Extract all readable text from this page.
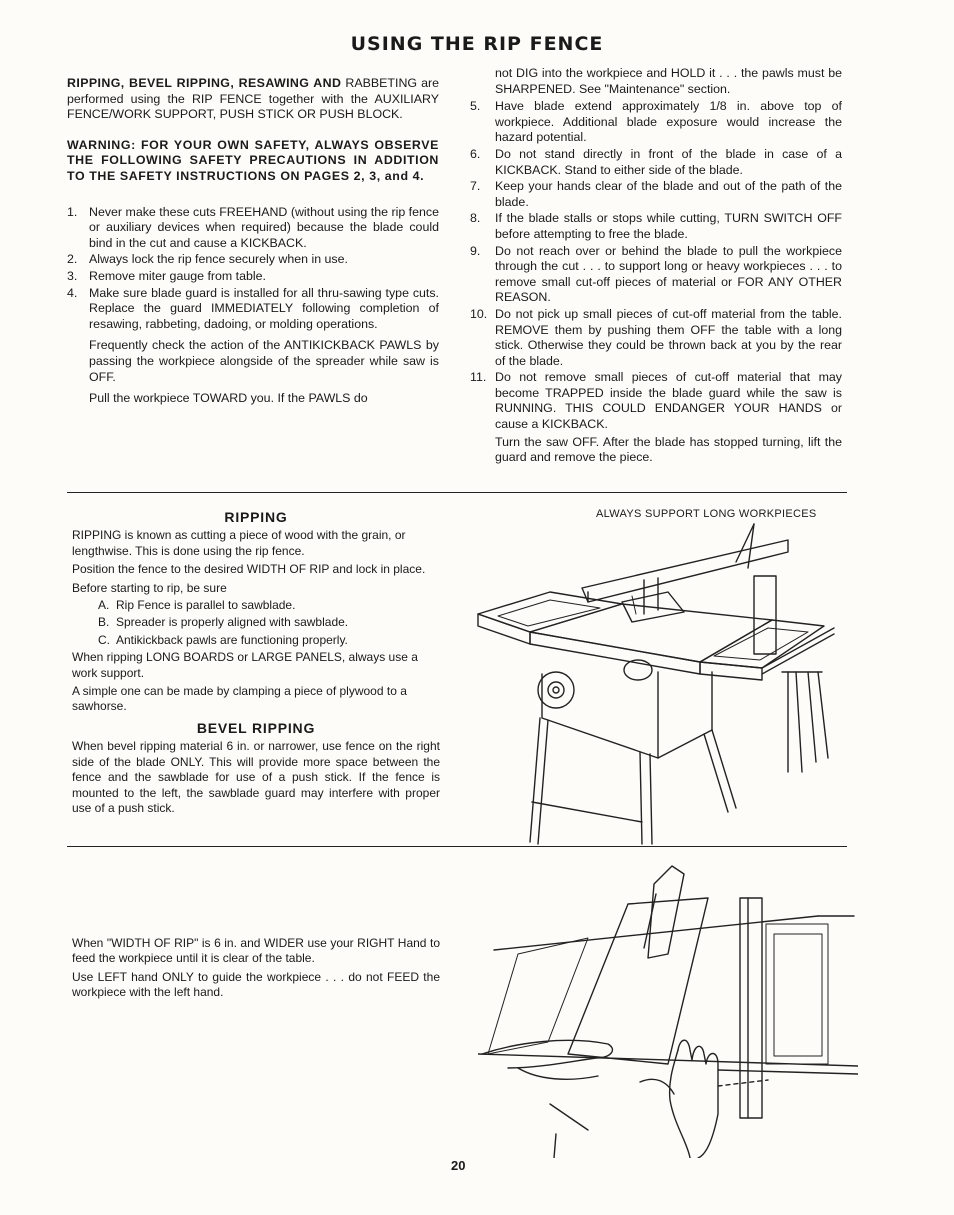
USING THE RIP FENCE

RIPPING, BEVEL RIPPING, RESAWING AND RABBETING are performed using the RIP FENCE together with the AUXILIARY FENCE/WORK SUPPORT, PUSH STICK OR PUSH BLOCK.

WARNING: FOR YOUR OWN SAFETY, ALWAYS OBSERVE THE FOLLOWING SAFETY PRECAUTIONS IN ADDITION TO THE SAFETY INSTRUCTIONS ON PAGES 2, 3, and 4.

1. Never make these cuts FREEHAND (without using the rip fence or auxiliary devices when required) because the blade could bind in the cut and cause a KICKBACK.
2. Always lock the rip fence securely when in use.
3. Remove miter gauge from table.
4. Make sure blade guard is installed for all thru-sawing type cuts. Replace the guard IMMEDIATELY following completion of resawing, rabbeting, dadoing, or molding operations.
Frequently check the action of the ANTIKICKBACK PAWLS by passing the workpiece alongside of the spreader while saw is OFF.
Pull the workpiece TOWARD you. If the PAWLS do

not DIG into the workpiece and HOLD it . . . the pawls must be SHARPENED. See "Maintenance" section.

5. Have blade extend approximately 1/8 in. above top of workpiece. Additional blade exposure would increase the hazard potential.
6. Do not stand directly in front of the blade in case of a KICKBACK. Stand to either side of the blade.
7. Keep your hands clear of the blade and out of the path of the blade.
8. If the blade stalls or stops while cutting, TURN SWITCH OFF before attempting to free the blade.
9. Do not reach over or behind the blade to pull the workpiece through the cut . . . to support long or heavy workpieces . . . to remove small cut-off pieces of material or FOR ANY OTHER REASON.
10. Do not pick up small pieces of cut-off material from the table. REMOVE them by pushing them OFF the table with a long stick. Otherwise they could be thrown back at you by the rear of the blade.
11. Do not remove small pieces of cut-off material that may become TRAPPED inside the blade guard while the saw is RUNNING. THIS COULD ENDANGER YOUR HANDS or cause a KICKBACK.
Turn the saw OFF. After the blade has stopped turning, lift the guard and remove the piece.
RIPPING

RIPPING is known as cutting a piece of wood with the grain, or lengthwise. This is done using the rip fence.

Position the fence to the desired WIDTH OF RIP and lock in place.

Before starting to rip, be sure

A. Rip Fence is parallel to sawblade.
B. Spreader is properly aligned with sawblade.
C. Antikickback pawls are functioning properly.

When ripping LONG BOARDS or LARGE PANELS, always use a work support.

A simple one can be made by clamping a piece of plywood to a sawhorse.

BEVEL RIPPING

When bevel ripping material 6 in. or narrower, use fence on the right side of the blade ONLY. This will provide more space between the fence and the sawblade for use of a push stick. If the fence is mounted to the left, the sawblade guard may interfere with proper use of a push stick.

ALWAYS SUPPORT LONG WORKPIECES

When "WIDTH OF RIP" is 6 in. and WIDER use your RIGHT Hand to feed the workpiece until it is clear of the table.

Use LEFT hand ONLY to guide the workpiece . . . do not FEED the workpiece with the left hand.

20
